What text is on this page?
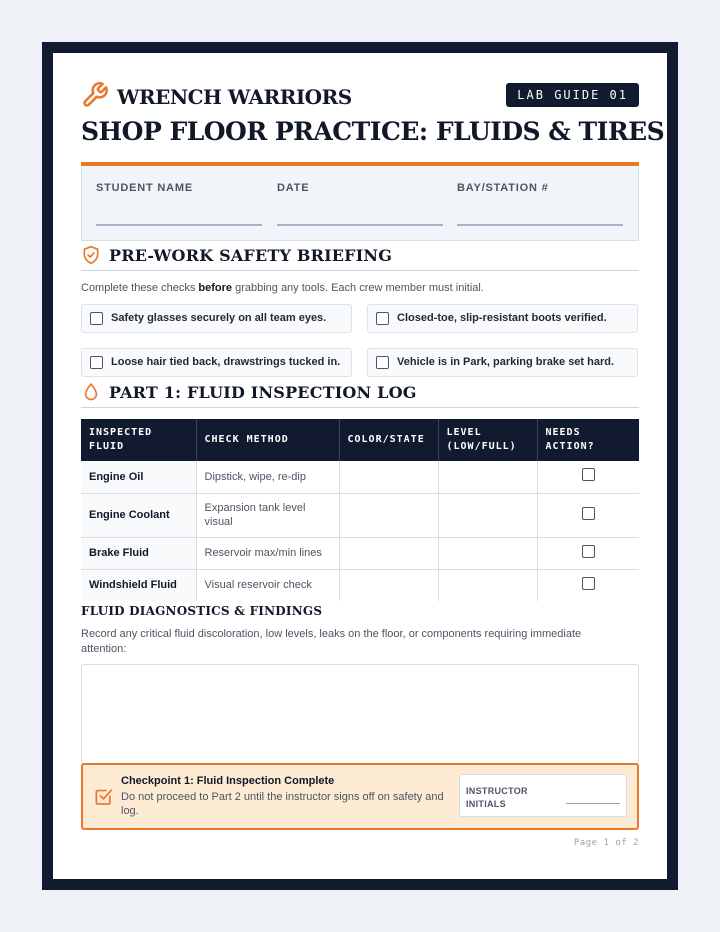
WRENCH WARRIORS	LAB GUIDE 01
SHOP FLOOR PRACTICE: FLUIDS & TIRES
STUDENT NAME	DATE	BAY/STATION #
PRE-WORK SAFETY BRIEFING
Complete these checks before grabbing any tools. Each crew member must initial.
Safety glasses securely on all team eyes.	Closed-toe, slip-resistant boots verified.
Loose hair tied back, drawstrings tucked in.	Vehicle is in Park, parking brake set hard.
PART 1: FLUID INSPECTION LOG
INSPECTED FLUID	CHECK METHOD	COLOR/STATE	LEVEL (LOW/FULL)	NEEDS ACTION?
Engine Oil	Dipstick, wipe, re-dip			
Engine Coolant	Expansion tank level visual			
Brake Fluid	Reservoir max/min lines			
Windshield Fluid	Visual reservoir check			
FLUID DIAGNOSTICS & FINDINGS
Record any critical fluid discoloration, low levels, leaks on the floor, or components requiring immediate attention:
Checkpoint 1: Fluid Inspection Complete
Do not proceed to Part 2 until the instructor signs off on safety and log.
INSTRUCTOR INITIALS
Page 1 of 2
